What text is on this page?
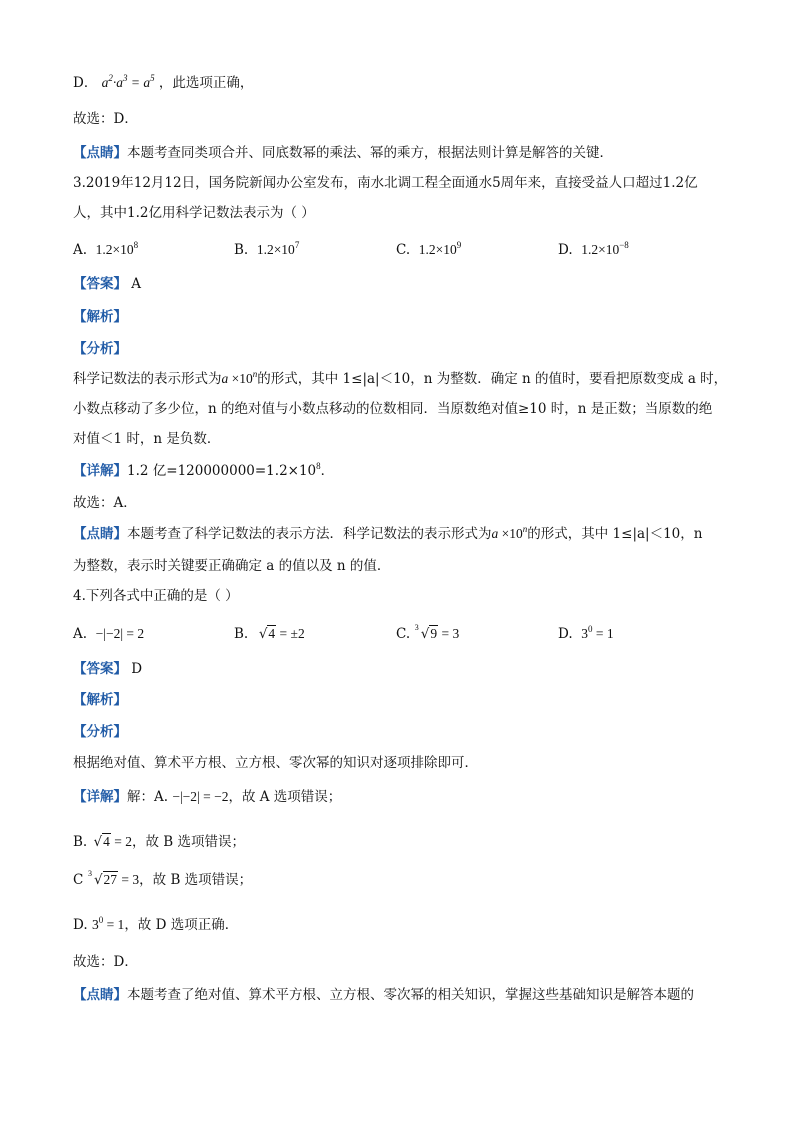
D． $a^2\cdot a^3 = a^5$ ，此选项正确，
故选：D．
【点睛】本题考查同类项合并、同底数幂的乘法、幂的乘方，根据法则计算是解答的关键．
3.2019年12月12日，国务院新闻办公室发布，南水北调工程全面通水5周年来，直接受益人口超过1.2亿
人，其中1.2亿用科学记数法表示为（ ）
A. $1.2\times 10^8$	B. $1.2\times 10^7$	C. $1.2\times 10^9$	D. $1.2\times 10^{-8}$
【答案】 A
【解析】
【分析】
科学记数法的表示形式为$a \times 10^n$的形式，其中 1≤|a|＜10，n 为整数．确定 n 的值时，要看把原数变成 a 时，
小数点移动了多少位，n 的绝对值与小数点移动的位数相同．当原数绝对值≥10 时，n 是正数；当原数的绝
对值＜1 时，n 是负数．
【详解】1.2 亿$=120000000=1.2\times 10^8$．
故选：A．
【点睛】本题考查了科学记数法的表示方法．科学记数法的表示形式为$a \times 10^n$的形式，其中 1≤|a|＜10，n
为整数，表示时关键要正确确定 a 的值以及 n 的值．
4.下列各式中正确的是（ ）
A. −|−2| = 2	B. √4 = ±2	C. 3 √9 = 3	D. $3^0 = 1$
【答案】 D
【解析】
【分析】
根据绝对值、算术平方根、立方根、零次幂的知识对逐项排除即可．
【详解】解：A. −|−2| = −2，故 A 选项错误；
B. √4 = 2，故 B 选项错误；
C 3 √27 = 3，故 B 选项错误；
D. $3^0 = 1$，故 D 选项正确．
故选：D．
【点睛】本题考查了绝对值、算术平方根、立方根、零次幂的相关知识，掌握这些基础知识是解答本题的
